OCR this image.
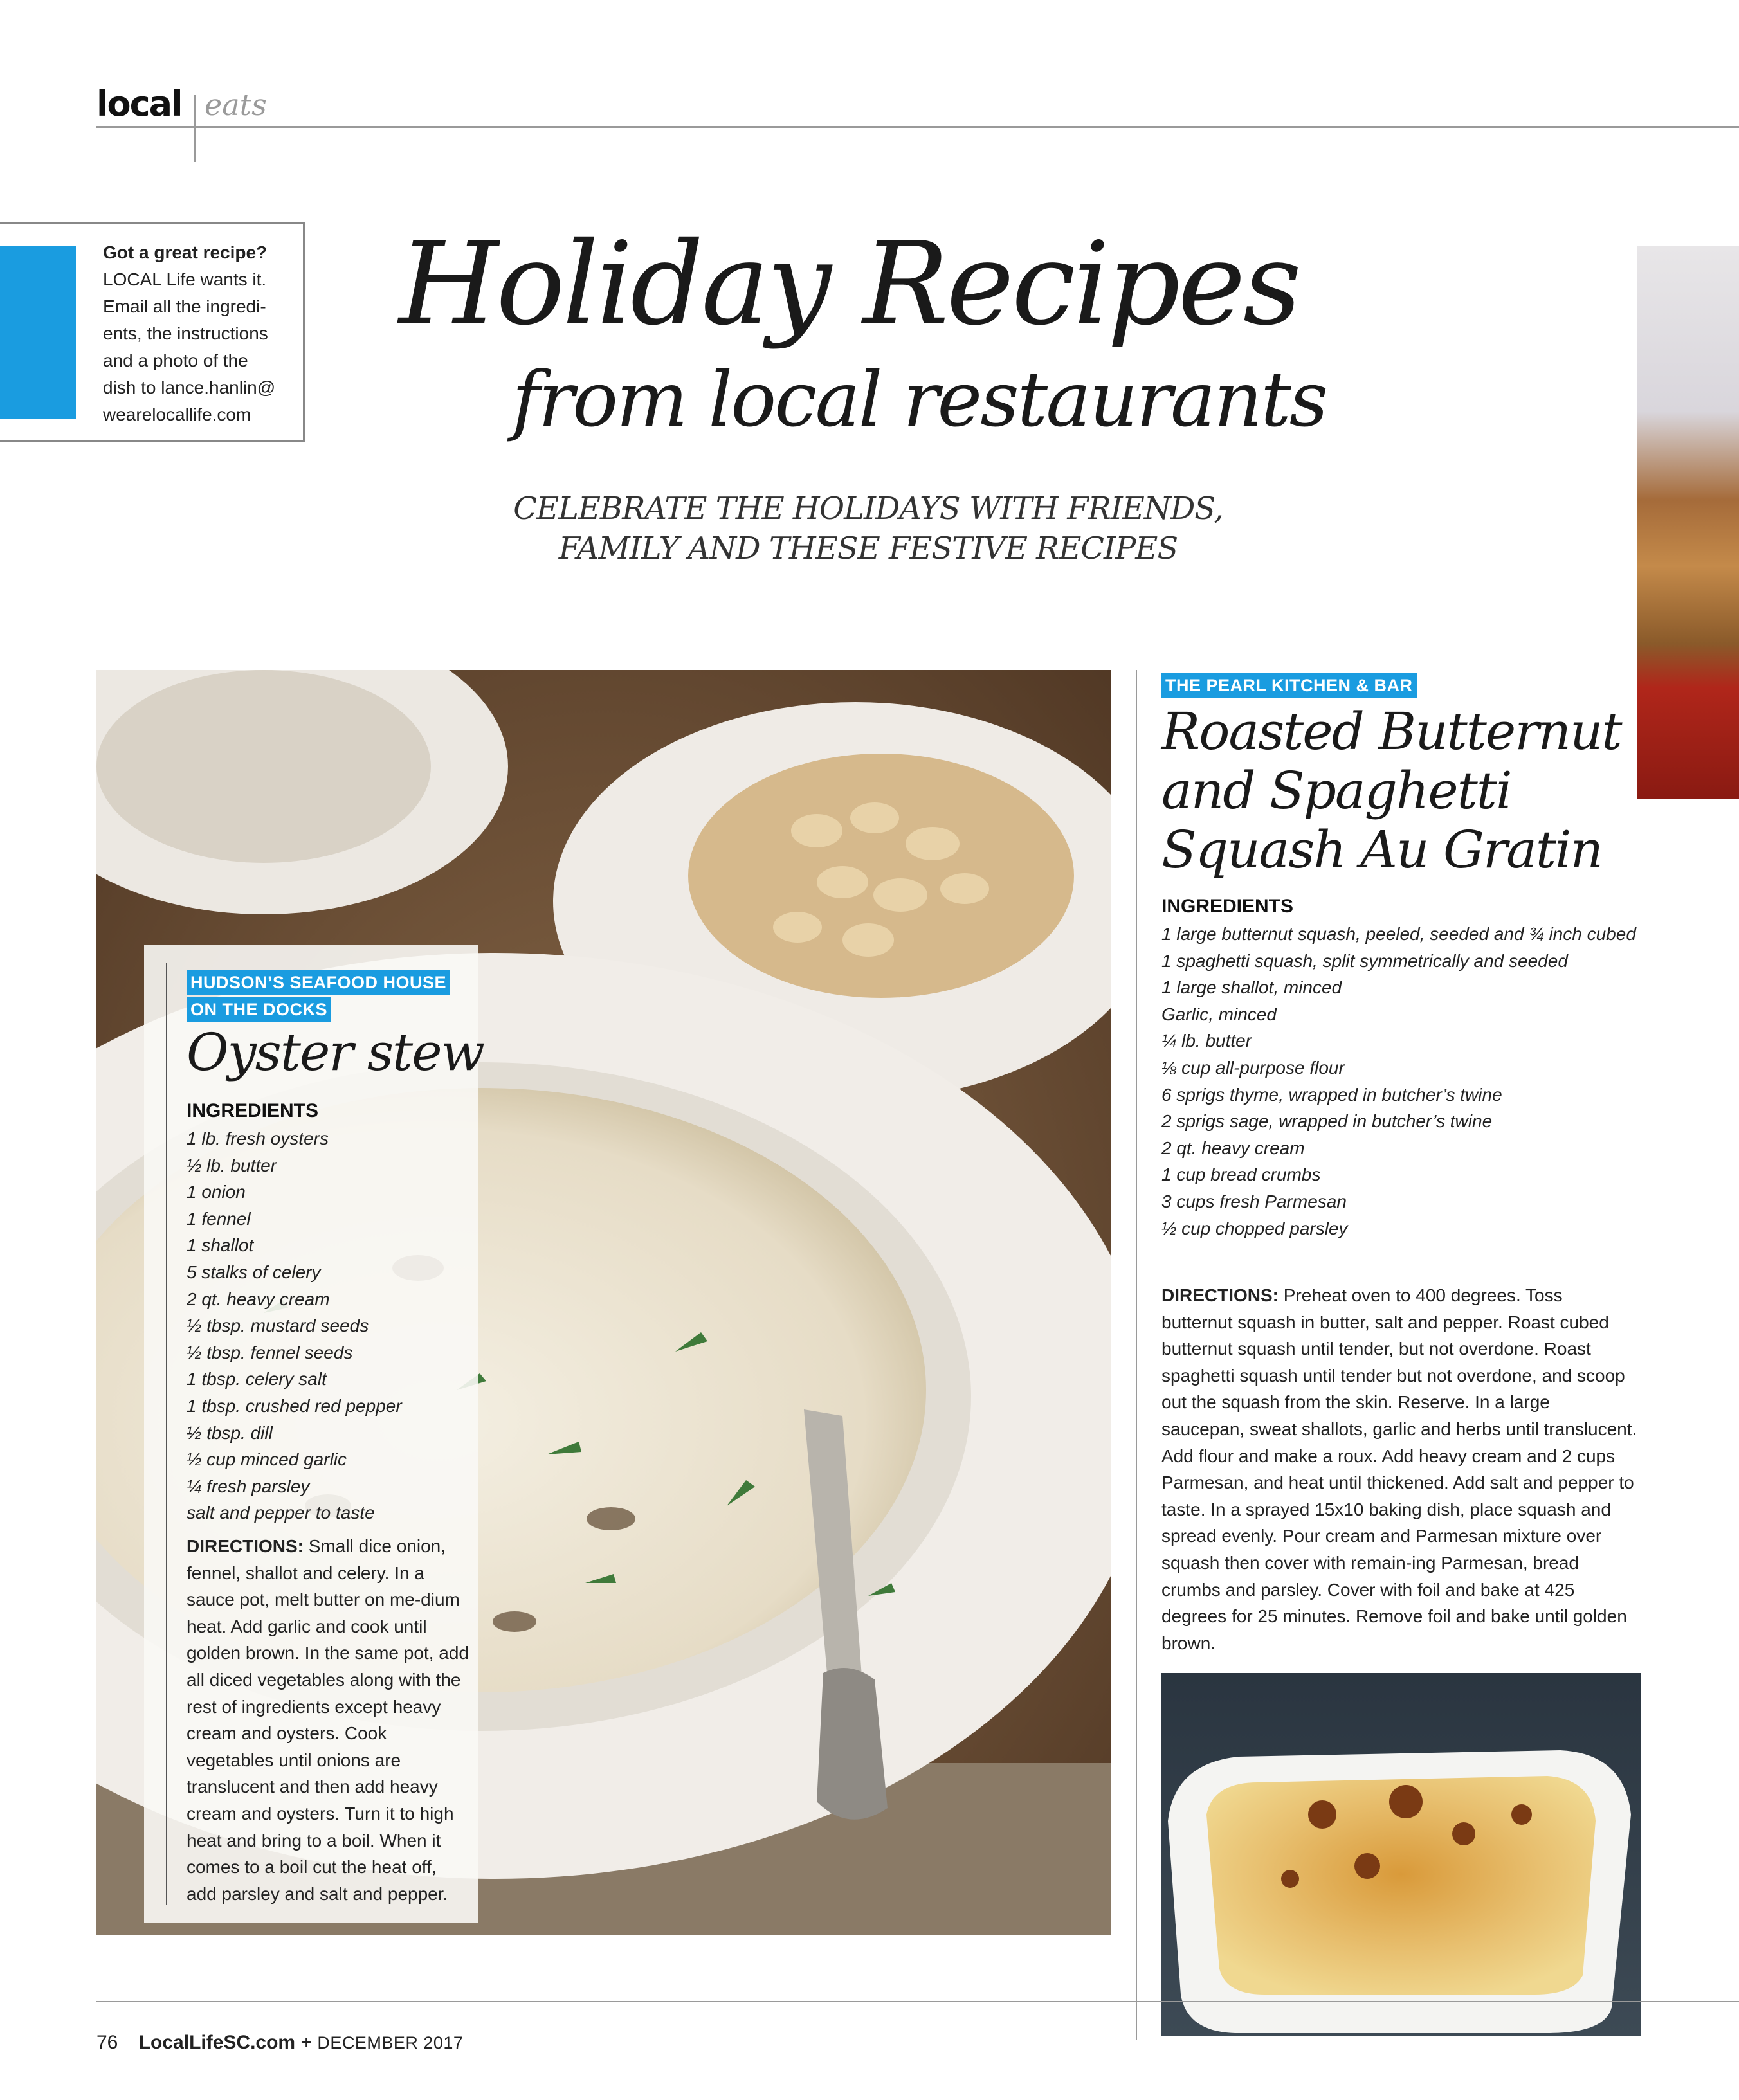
local eats
Got a great recipe?
LOCAL Life wants it.
Email all the ingredi-
ents, the instructions
and a photo of the
dish to lance.hanlin@
wearelocallife.com
Holiday Recipes
from local restaurants
CELEBRATE THE HOLIDAYS WITH FRIENDS,
FAMILY AND THESE FESTIVE RECIPES
HUDSON’S SEAFOOD HOUSE
ON THE DOCKS
Oyster stew
INGREDIENTS
1 lb. fresh oysters
½ lb. butter
1 onion
1 fennel
1 shallot
5 stalks of celery
2 qt. heavy cream
½ tbsp. mustard seeds
½ tbsp. fennel seeds
1 tbsp. celery salt
1 tbsp. crushed red pepper
½ tbsp. dill
½ cup minced garlic
¼ fresh parsley
salt and pepper to taste
DIRECTIONS: Small dice onion, fennel, shallot and celery. In a sauce pot, melt butter on me-dium heat. Add garlic and cook until golden brown. In the same pot, add all diced vegetables along with the rest of ingredients except heavy cream and oysters. Cook vegetables until onions are translucent and then add heavy cream and oysters. Turn it to high heat and bring to a boil. When it comes to a boil cut the heat off, add parsley and salt and pepper.
THE PEARL KITCHEN & BAR
Roasted Butternut and Spaghetti Squash Au Gratin
INGREDIENTS
1 large butternut squash, peeled, seeded and ¾ inch cubed
1 spaghetti squash, split symmetrically and seeded
1 large shallot, minced
Garlic, minced
¼ lb. butter
⅛ cup all-purpose flour
6 sprigs thyme, wrapped in butcher’s twine
2 sprigs sage, wrapped in butcher’s twine
2 qt. heavy cream
1 cup bread crumbs
3 cups fresh Parmesan
½ cup chopped parsley
DIRECTIONS: Preheat oven to 400 degrees. Toss butternut squash in butter, salt and pepper. Roast cubed butternut squash until tender, but not overdone. Roast spaghetti squash until tender but not overdone, and scoop out the squash from the skin. Reserve. In a large saucepan, sweat shallots, garlic and herbs until translucent. Add flour and make a roux. Add heavy cream and 2 cups Parmesan, and heat until thickened. Add salt and pepper to taste. In a sprayed 15x10 baking dish, place squash and spread evenly. Pour cream and Parmesan mixture over squash then cover with remain-ing Parmesan, bread crumbs and parsley. Cover with foil and bake at 425 degrees for 25 minutes. Remove foil and bake until golden brown.
76 LocalLifeSC.com + DECEMBER 2017
